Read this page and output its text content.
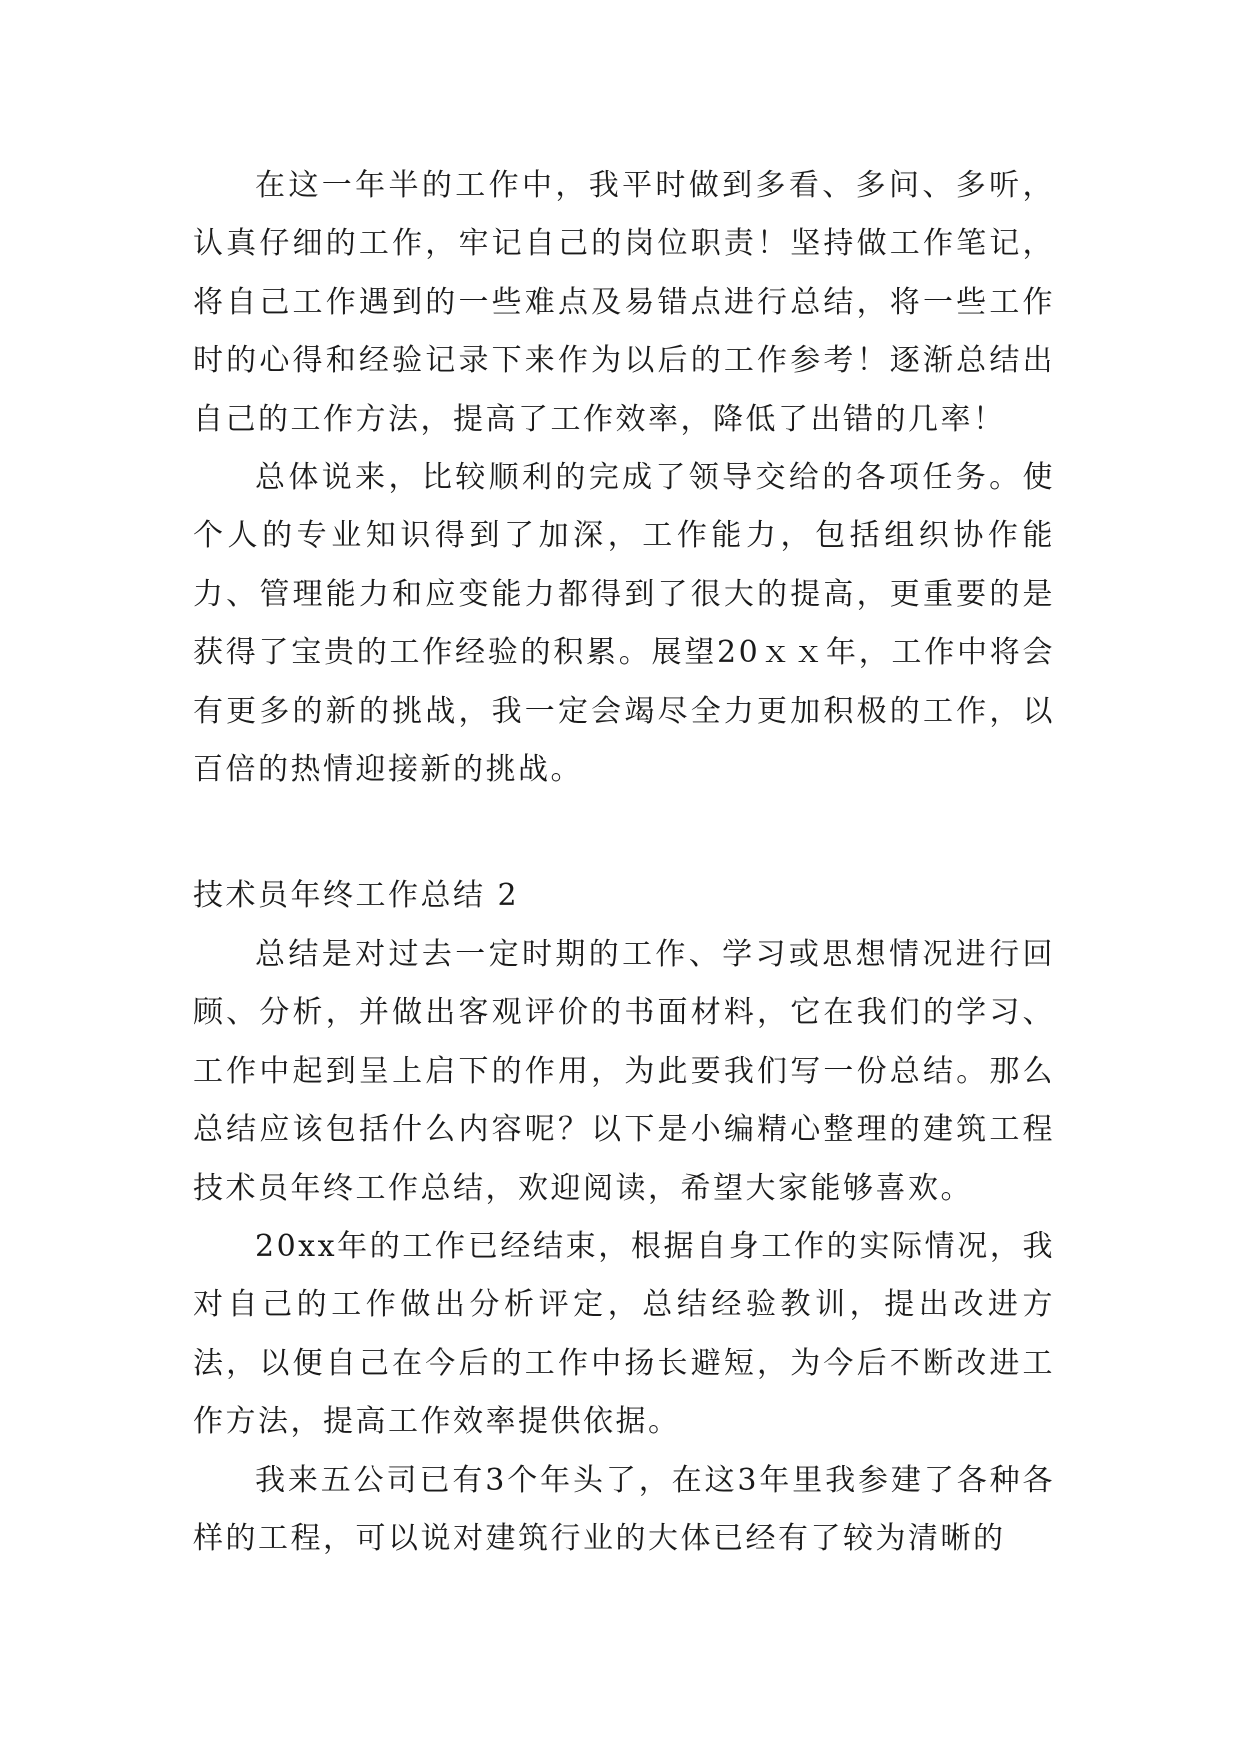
在这一年半的工作中，我平时做到多看、多问、多听，认真仔细的工作，牢记自己的岗位职责！坚持做工作笔记，将自己工作遇到的一些难点及易错点进行总结，将一些工作时的心得和经验记录下来作为以后的工作参考！逐渐总结出自己的工作方法，提高了工作效率，降低了出错的几率！

总体说来，比较顺利的完成了领导交给的各项任务。使个人的专业知识得到了加深，工作能力，包括组织协作能力、管理能力和应变能力都得到了很大的提高，更重要的是获得了宝贵的工作经验的积累。展望20ｘｘ年，工作中将会有更多的新的挑战，我一定会竭尽全力更加积极的工作，以百倍的热情迎接新的挑战。

技术员年终工作总结 2

总结是对过去一定时期的工作、学习或思想情况进行回顾、分析，并做出客观评价的书面材料，它在我们的学习、工作中起到呈上启下的作用，为此要我们写一份总结。那么总结应该包括什么内容呢？以下是小编精心整理的建筑工程技术员年终工作总结，欢迎阅读，希望大家能够喜欢。

20xx年的工作已经结束，根据自身工作的实际情况，我对自己的工作做出分析评定，总结经验教训，提出改进方法，以便自己在今后的工作中扬长避短，为今后不断改进工作方法，提高工作效率提供依据。

我来五公司已有3个年头了，在这3年里我参建了各种各样的工程，可以说对建筑行业的大体已经有了较为清晰的
